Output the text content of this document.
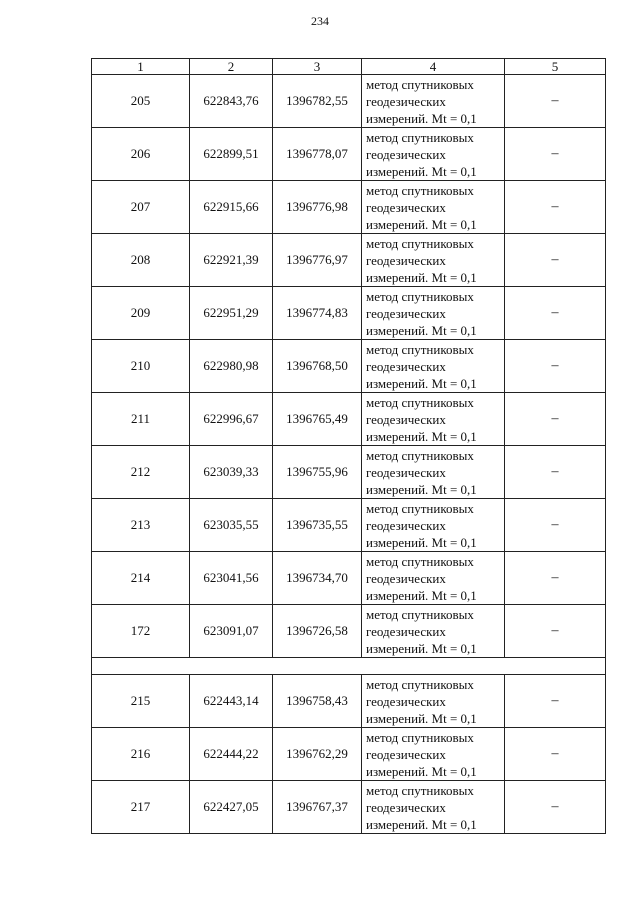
234
1	2	3	4	5
205	622843,76	1396782,55	метод спутниковых
геодезических
измерений. Mt = 0,1	–
206	622899,51	1396778,07	метод спутниковых
геодезических
измерений. Mt = 0,1	–
207	622915,66	1396776,98	метод спутниковых
геодезических
измерений. Mt = 0,1	–
208	622921,39	1396776,97	метод спутниковых
геодезических
измерений. Mt = 0,1	–
209	622951,29	1396774,83	метод спутниковых
геодезических
измерений. Mt = 0,1	–
210	622980,98	1396768,50	метод спутниковых
геодезических
измерений. Mt = 0,1	–
211	622996,67	1396765,49	метод спутниковых
геодезических
измерений. Mt = 0,1	–
212	623039,33	1396755,96	метод спутниковых
геодезических
измерений. Mt = 0,1	–
213	623035,55	1396735,55	метод спутниковых
геодезических
измерений. Mt = 0,1	–
214	623041,56	1396734,70	метод спутниковых
геодезических
измерений. Mt = 0,1	–
172	623091,07	1396726,58	метод спутниковых
геодезических
измерений. Mt = 0,1	–

215	622443,14	1396758,43	метод спутниковых
геодезических
измерений. Mt = 0,1	–
216	622444,22	1396762,29	метод спутниковых
геодезических
измерений. Mt = 0,1	–
217	622427,05	1396767,37	метод спутниковых
геодезических
измерений. Mt = 0,1	–
